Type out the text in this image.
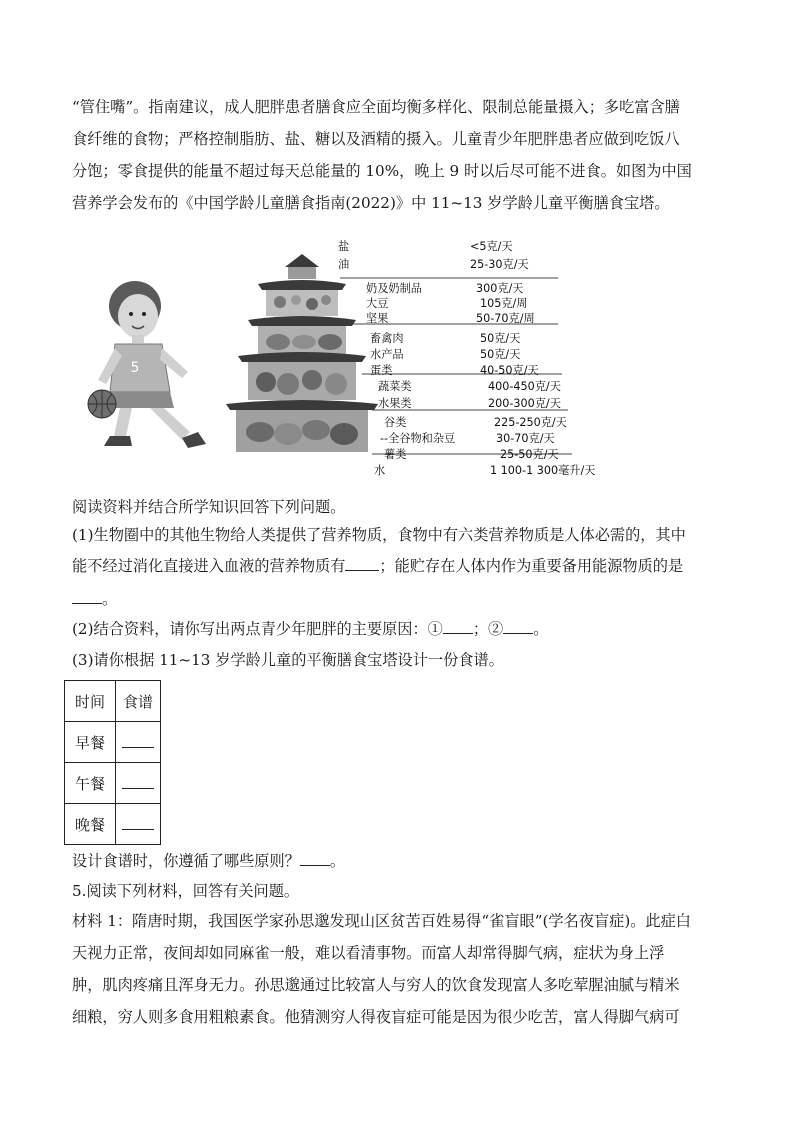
“管住嘴”。指南建议，成人肥胖患者膳食应全面均衡多样化、限制总能量摄入；多吃富含膳

食纤维的食物；严格控制脂肪、盐、糖以及酒精的摄入。儿童青少年肥胖患者应做到吃饭八

分饱；零食提供的能量不超过每天总能量的 10%，晚上 9 时以后尽可能不进食。如图为中国

营养学会发布的《中国学龄儿童膳食指南(2022)》中 11~13 岁学龄儿童平衡膳食宝塔。

5
盐	<5克/天
油	25-30克/天
奶及奶制品	300克/天
大豆	105克/周
坚果	50-70克/周
畜禽肉	50克/天
水产品	50克/天
蛋类	40-50克/天
蔬菜类	400-450克/天
水果类	200-300克/天
谷类	225-250克/天
--全谷物和杂豆	30-70克/天
薯类	25-50克/天
水	1 100-1 300毫升/天

阅读资料并结合所学知识回答下列问题。

(1)生物圈中的其他生物给人类提供了营养物质，食物中有六类营养物质是人体必需的，其中

能不经过消化直接进入血液的营养物质有 ；能贮存在人体内作为重要备用能源物质的是

。

(2)结合资料，请你写出两点青少年肥胖的主要原因：① ；② 。

(3)请你根据 11~13 岁学龄儿童的平衡膳食宝塔设计一份食谱。

时间	食谱
早餐	
午餐	
晚餐	

设计食谱时，你遵循了哪些原则？ 。

5.阅读下列材料，回答有关问题。

材料 1：隋唐时期，我国医学家孙思邈发现山区贫苦百姓易得“雀盲眼”(学名夜盲症)。此症白

天视力正常，夜间却如同麻雀一般，难以看清事物。而富人却常得脚气病，症状为身上浮

肿，肌肉疼痛且浑身无力。孙思邈通过比较富人与穷人的饮食发现富人多吃荤腥油腻与精米

细粮，穷人则多食用粗粮素食。他猜测穷人得夜盲症可能是因为很少吃苦，富人得脚气病可
